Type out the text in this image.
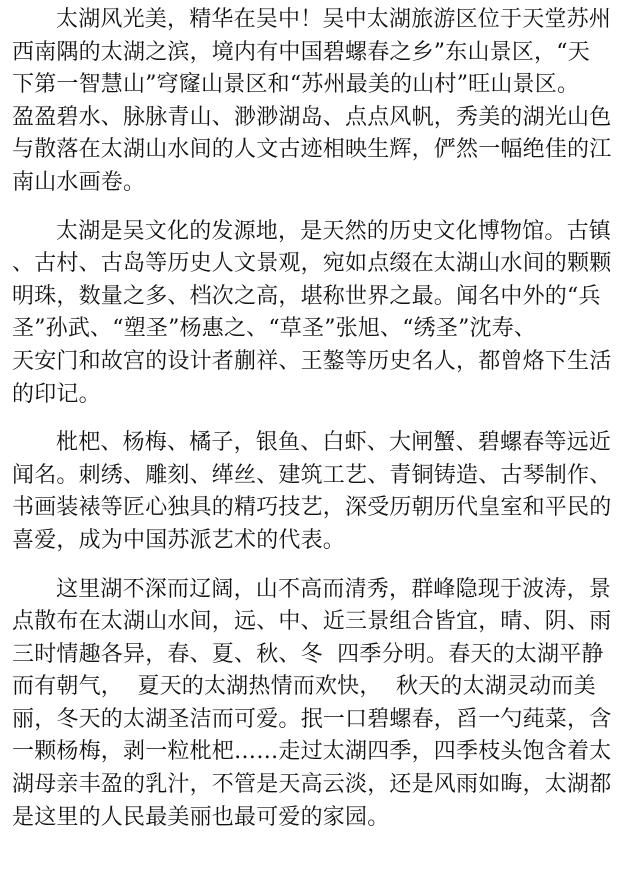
太湖风光美，精华在吴中！吴中太湖旅游区位于天堂苏州
西南隅的太湖之滨，境内有中国碧螺春之乡”东山景区，“天
下第一智慧山”穹窿山景区和“苏州最美的山村”旺山景区。
盈盈碧水、脉脉青山、渺渺湖岛、点点风帆，秀美的湖光山色
与散落在太湖山水间的人文古迹相映生辉，俨然一幅绝佳的江
南山水画卷。
太湖是吴文化的发源地，是天然的历史文化博物馆。古镇
、古村、古岛等历史人文景观，宛如点缀在太湖山水间的颗颗
明珠，数量之多、档次之高，堪称世界之最。闻名中外的“兵
圣”孙武、“塑圣”杨惠之、“草圣”张旭、“绣圣”沈寿、
天安门和故宫的设计者蒯祥、王鏊等历史名人，都曾烙下生活
的印记。
枇杷、杨梅、橘子，银鱼、白虾、大闸蟹、碧螺春等远近
闻名。刺绣、雕刻、缂丝、建筑工艺、青铜铸造、古琴制作、
书画装裱等匠心独具的精巧技艺，深受历朝历代皇室和平民的
喜爱，成为中国苏派艺术的代表。
这里湖不深而辽阔，山不高而清秀，群峰隐现于波涛，景
点散布在太湖山水间，远、中、近三景组合皆宜，晴、阴、雨
三时情趣各异，春、夏、秋、冬  四季分明。春天的太湖平静
而有朝气，  夏天的太湖热情而欢快，  秋天的太湖灵动而美
丽，冬天的太湖圣洁而可爱。抿一口碧螺春，舀一勺莼菜，含
一颗杨梅，剥一粒枇杷……走过太湖四季，四季枝头饱含着太
湖母亲丰盈的乳汁，不管是天高云淡，还是风雨如晦，太湖都
是这里的人民最美丽也最可爱的家园。
